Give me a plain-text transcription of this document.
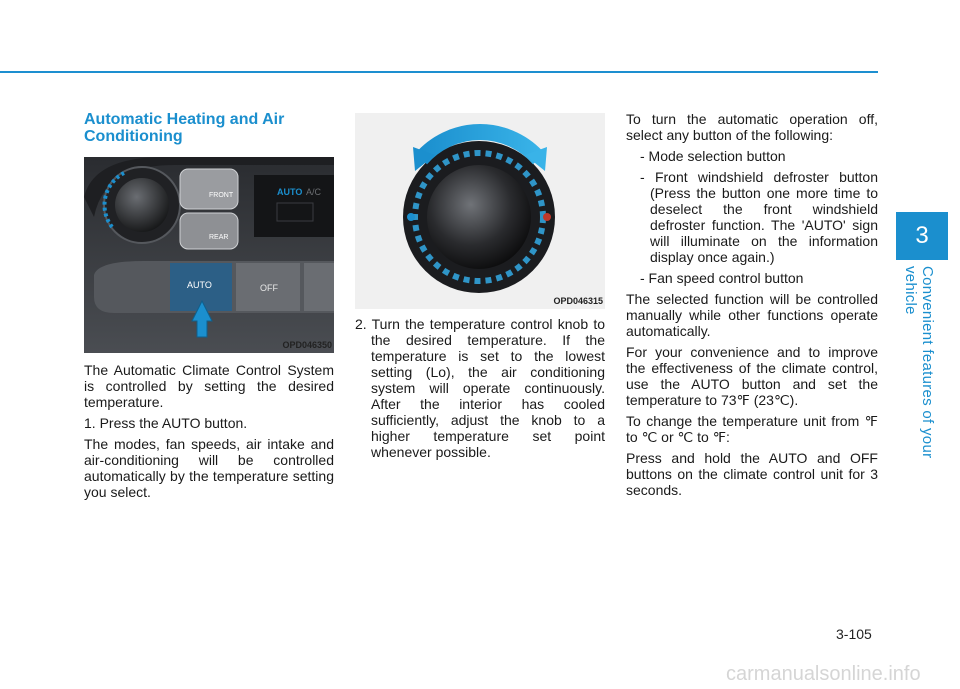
Automatic Heating and Air Conditioning
FRONT
REAR
AUTO A/C
AUTO	OFF
OPD046350
OPD046315

The Automatic Climate Control System is controlled by setting the desired temperature.

1. Press the AUTO button.

The modes, fan speeds, air intake and air-conditioning will be controlled automatically by the temperature setting you select.

2. Turn the temperature control knob to the desired temperature. If the temperature is set to the lowest setting (Lo), the air conditioning system will operate continuously. After the interior has cooled sufficiently, adjust the knob to a higher temperature set point whenever possible.

To turn the automatic operation off, select any button of the following:

- Mode selection button

- Front windshield defroster button (Press the button one more time to deselect the front windshield defroster function. The 'AUTO' sign will illuminate on the information display once again.)

- Fan speed control button

The selected function will be controlled manually while other functions operate automatically.

For your convenience and to improve the effectiveness of the climate control, use the AUTO button and set the temperature to 73℉ (23℃).

To change the temperature unit from ℉ to ℃ or ℃ to ℉:

Press and hold the AUTO and OFF buttons on the climate control unit for 3 seconds.

3
Convenient features of your vehicle
3-105
carmanualsonline.info
